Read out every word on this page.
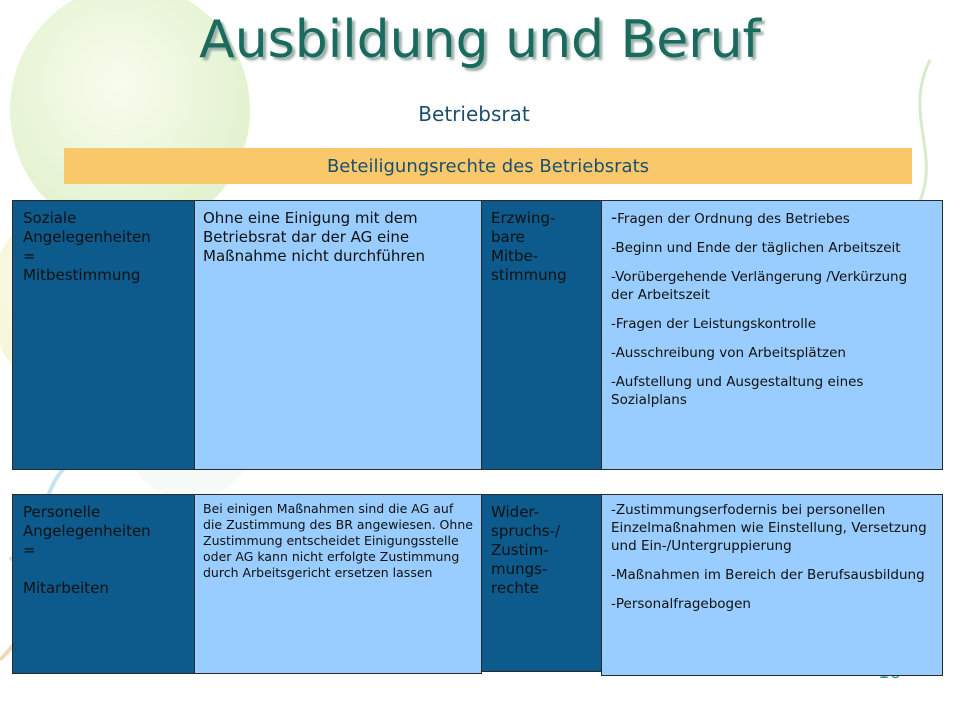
Ausbildung und Beruf
Betriebsrat
Beteiligungsrechte des Betriebsrats
Soziale
Angelegenheiten
=
Mitbestimmung
Ohne eine Einigung mit dem Betriebsrat dar der AG eine Maßnahme nicht durchführen
Erzwing-
bare
Mitbe-
stimmung
-Fragen der Ordnung des Betriebes
-Beginn und Ende der täglichen Arbeitszeit
-Vorübergehende Verlängerung /Verkürzung der Arbeitszeit
-Fragen der Leistungskontrolle
-Ausschreibung von Arbeitsplätzen
-Aufstellung und Ausgestaltung eines Sozialplans
Personelle
Angelegenheiten
=
Mitarbeiten
Bei einigen Maßnahmen sind die AG auf die Zustimmung des BR angewiesen. Ohne Zustimmung entscheidet Einigungsstelle oder AG kann nicht erfolgte Zustimmung durch Arbeitsgericht ersetzen lassen
Wider-
spruchs-/
Zustim-
mungs-
rechte
-Zustimmungserfodernis bei personellen Einzelmaßnahmen wie Einstellung, Versetzung und Ein-/Untergruppierung
-Maßnahmen im Bereich der Berufsausbildung
-Personalfragebogen
